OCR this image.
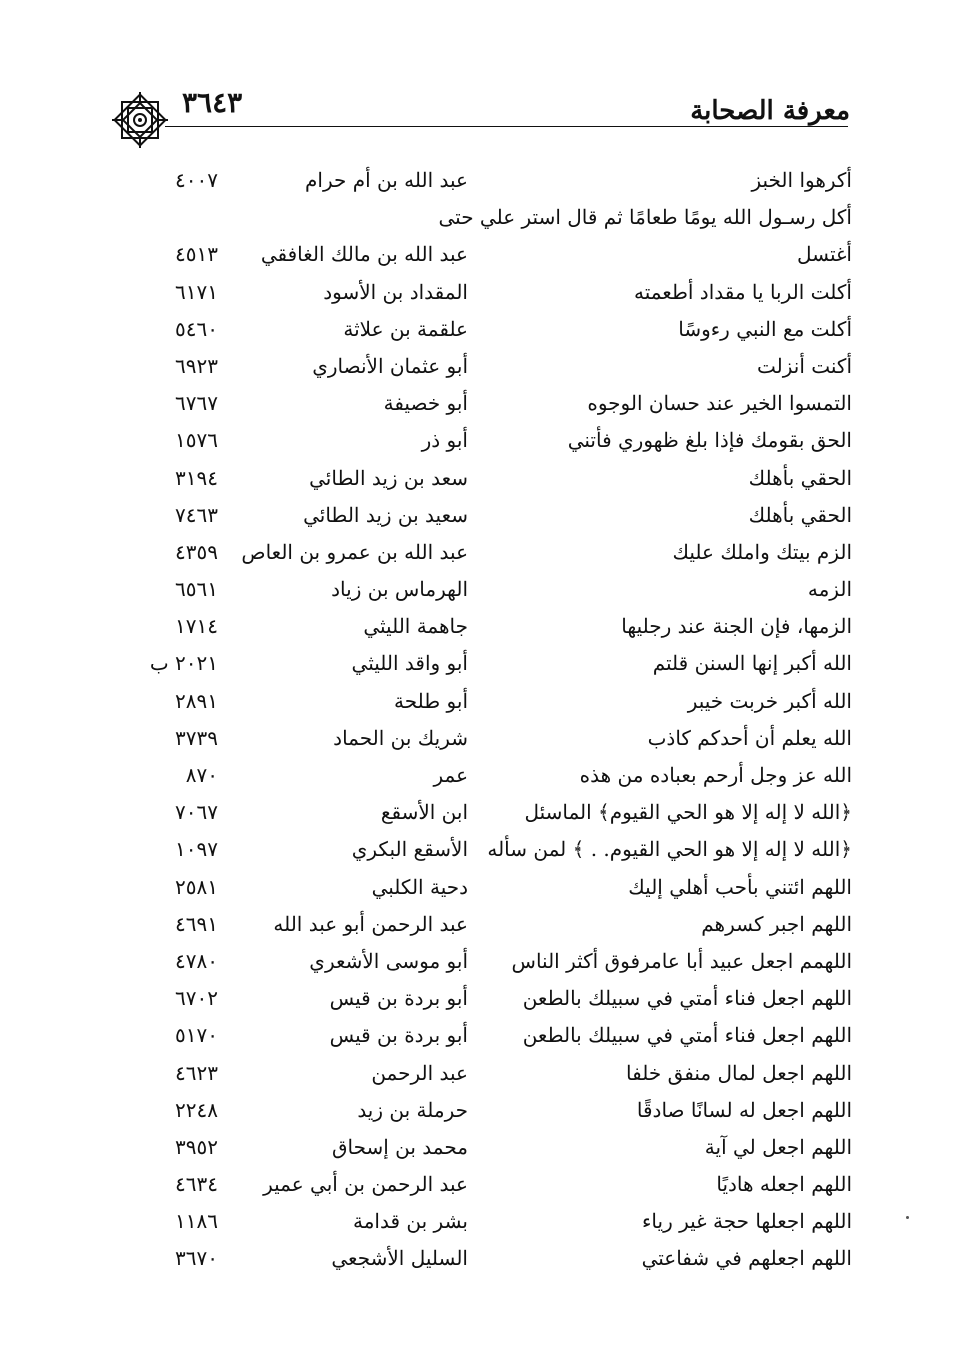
معرفة الصحابة
٣٦٤٣
أكرهوا الخبز
عبد الله بن أم حرام
٤٠٠٧
أكل رسـول الله يومًا طعامًا ثم قال استر علي حتى
أغتسل
عبد الله بن مالك الغافقي
٤٥١٣
أكلت الربا يا مقداد أطعمته
المقداد بن الأسود
٦١٧١
أكلت مع النبي رءوسًا
علقمة بن علاثة
٥٤٦٠
أكنت أنزلت
أبو عثمان الأنصاري
٦٩٢٣
التمسوا الخير عند حسان الوجوه
أبو خصيفة
٦٧٦٧
الحق بقومك فإذا بلغ ظهوري فأتني
أبو ذر
١٥٧٦
الحقي بأهلك
سعد بن زيد الطائي
٣١٩٤
الحقي بأهلك
سعيد بن زيد الطائي
٧٤٦٣
الزم بيتك واملك عليك
عبد الله بن عمرو بن العاص
٤٣٥٩
الزمه
الهرماس بن زياد
٦٥٦١
الزمها، فإن الجنة عند رجليها
جاهمة الليثي
١٧١٤
الله أكبر إنها السنن قلتم
أبو واقد الليثي
٢٠٢١ ب
الله أكبر خربت خيبر
أبو طلحة
٢٨٩١
الله يعلم أن أحدكم كاذب
شريك بن الحماد
٣٧٣٩
الله عز وجل أرحم بعباده من هذه
عمر
٨٧٠
﴿الله لا إله إلا هو الحي القيوم﴾ الماسئل
ابن الأسقع
٧٠٦٧
﴿الله لا إله إلا هو الحي القيوم. . ﴾ لمن سأله
الأسقع البكري
١٠٩٧
اللهم ائتني بأحب أهلي إليك
دحية الكلبي
٢٥٨١
اللهم اجبر كسرهم
عبد الرحمن أبو عبد الله
٤٦٩١
اللهمم اجعل عبيد أبا عامرفوق أكثر الناس
أبو موسى الأشعري
٤٧٨٠
اللهم اجعل فناء أمتي في سبيلك بالطعن
أبو بردة بن قيس
٦٧٠٢
اللهم اجعل فناء أمتي في سبيلك بالطعن
أبو بردة بن قيس
٥١٧٠
اللهم اجعل لمال منفق خلفا
عبد الرحمن
٤٦٢٣
اللهم اجعل له لسانًا صادقًا
حرملة بن زيد
٢٢٤٨
اللهم اجعل لي آية
محمد بن إسحاق
٣٩٥٢
اللهم اجعله هاديًا
عبد الرحمن بن أبي عمير
٤٦٣٤
اللهم اجعلها حجة غير رياء
بشر بن قدامة
١١٨٦
اللهم اجعلهم في شفاعتي
السليل الأشجعي
٣٦٧٠
